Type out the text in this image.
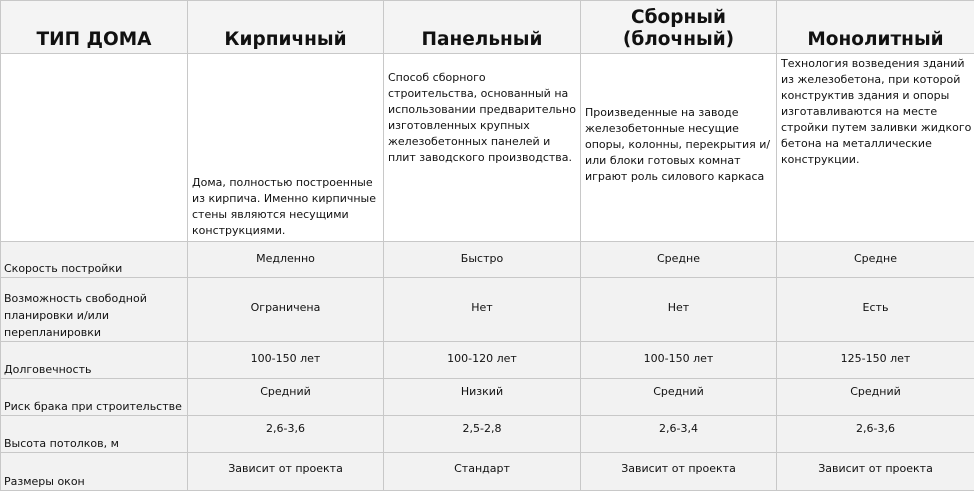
ТИП ДОМА	Кирпичный	Панельный	Сборный (блочный)	Монолитный

	Дома, полностью построенные из кирпича. Именно кирпичные стены являются несущими конструкциями.	Способ сборного строительства, основанный на использовании предварительно изготовленных крупных железобетонных панелей и плит заводского производства.	Произведенные на заводе железобетонные несущие опоры, колонны, перекрытия и/или блоки готовых комнат играют роль силового каркаса	Технология возведения зданий из железобетона, при которой конструктив здания и опоры изготавливаются на месте стройки путем заливки жидкого бетона на металлические конструкции.
Скорость постройки	Медленно	Быстро	Средне	Средне
Возможность свободной планировки и/или перепланировки	Ограничена	Нет	Нет	Есть
Долговечность	100-150 лет	100-120 лет	100-150 лет	125-150 лет
Риск брака при строительстве	Средний	Низкий	Средний	Средний
Высота потолков, м	2,6-3,6	2,5-2,8	2,6-3,4	2,6-3,6
Размеры окон	Зависит от проекта	Стандарт	Зависит от проекта	Зависит от проекта
